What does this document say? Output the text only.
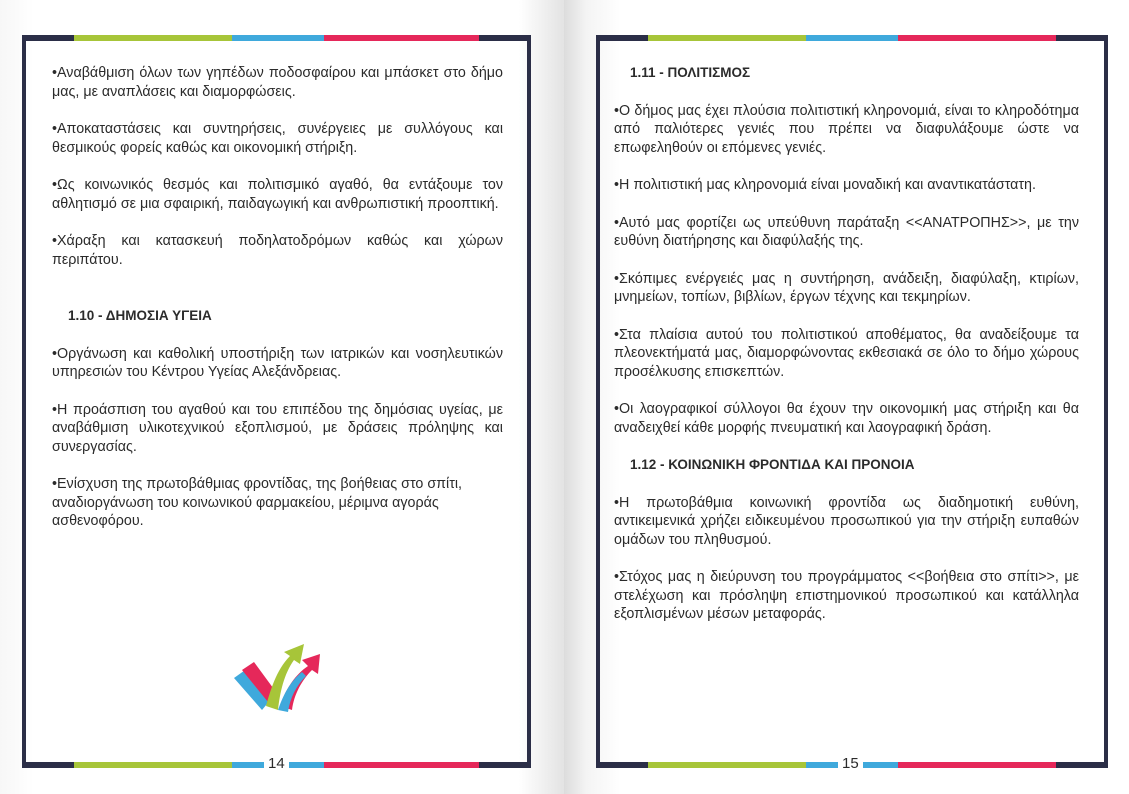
•Αναβάθμιση όλων των γηπέδων ποδοσφαίρου και μπάσκετ στο δήμο μας, με αναπλάσεις και διαμορφώσεις.

•Αποκαταστάσεις και συντηρήσεις, συνέργειες με συλλόγους και θεσμικούς φορείς καθώς και οικονομική στήριξη.

•Ως κοινωνικός θεσμός και πολιτισμικό αγαθό, θα εντάξουμε τον αθλητισμό σε μια σφαιρική, παιδαγωγική και ανθρωπιστική προοπτική.

•Χάραξη και κατασκευή ποδηλατοδρόμων καθώς και χώρων περιπάτου.

1.10 - ΔΗΜΟΣΙΑ ΥΓΕΙΑ

•Οργάνωση και καθολική υποστήριξη των ιατρικών και νοσηλευτικών υπηρεσιών του Κέντρου Υγείας Αλεξάνδρειας.

•Η προάσπιση του αγαθού και του επιπέδου της δημόσιας υγείας, με αναβάθμιση υλικοτεχνικού εξοπλισμού, με δράσεις πρόληψης και συνεργασίας.

•Ενίσχυση της πρωτοβάθμιας φροντίδας, της βοήθειας στο σπίτι, αναδιοργάνωση του κοινωνικού φαρμακείου, μέριμνα αγοράς ασθενοφόρου.

14
1.11 - ΠΟΛΙΤΙΣΜΟΣ

•Ο δήμος μας έχει πλούσια πολιτιστική κληρονομιά, είναι το κληροδότημα από παλιότερες γενιές που πρέπει να διαφυλάξουμε ώστε να επωφεληθούν οι επόμενες γενιές.

•Η πολιτιστική μας κληρονομιά είναι μοναδική και αναντικατάστατη.

•Αυτό μας φορτίζει ως υπεύθυνη παράταξη <<ΑΝΑΤΡΟΠΗΣ>>, με την ευθύνη διατήρησης και διαφύλαξής της.

•Σκόπιμες ενέργειές μας η συντήρηση, ανάδειξη, διαφύλαξη, κτιρίων, μνημείων, τοπίων, βιβλίων, έργων τέχνης και τεκμηρίων.

•Στα πλαίσια αυτού του πολιτιστικού αποθέματος, θα αναδείξουμε τα πλεονεκτήματά μας, διαμορφώνοντας εκθεσιακά σε όλο το δήμο χώρους προσέλκυσης επισκεπτών.

•Οι λαογραφικοί σύλλογοι θα έχουν την οικονομική μας στήριξη και θα αναδειχθεί κάθε μορφής πνευματική και λαογραφική δράση.

1.12 - ΚΟΙΝΩΝΙΚΗ ΦΡΟΝΤΙΔΑ ΚΑΙ ΠΡΟΝΟΙΑ

•Η πρωτοβάθμια κοινωνική φροντίδα ως διαδημοτική ευθύνη, αντικειμενικά χρήζει ειδικευμένου προσωπικού για την στήριξη ευπαθών ομάδων του πληθυσμού.

•Στόχος μας η διεύρυνση του προγράμματος <<βοήθεια στο σπίτι>>, με στελέχωση και πρόσληψη επιστημονικού προσωπικού και κατάλληλα εξοπλισμένων μέσων μεταφοράς.

15
